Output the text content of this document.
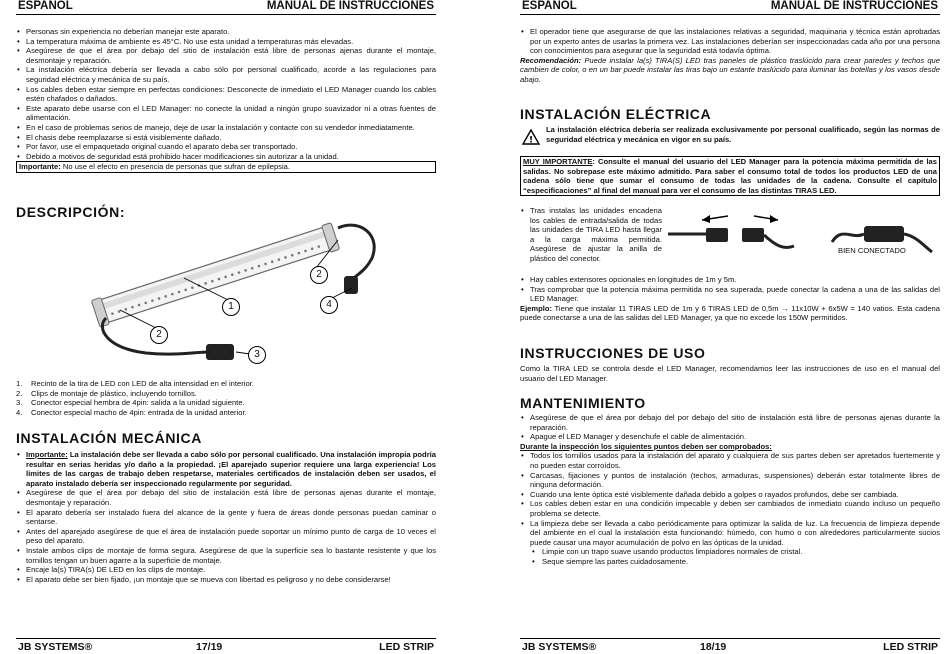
ESPAÑOL	MANUAL DE INSTRUCCIONES
• Personas sin experiencia no deberían manejar este aparato.
• La temperatura máxima de ambiente es 45°C. No use esta unidad a temperaturas más elevadas.
• Asegúrese de que el área por debajo del sitio de instalación está libre de personas ajenas durante el montaje, desmontaje y reparación.
• La instalación eléctrica debería ser llevada a cabo sólo por personal cualificado, acorde a las regulaciones para seguridad eléctrica y mecánica de su país.
• Los cables deben estar siempre en perfectas condiciones: Desconecte de inmediato el LED Manager cuando los cables estén chafados o dañados.
• Este aparato debe usarse con el LED Manager: no conecte la unidad a ningún grupo suavizador ni a otras fuentes de alimentación.
• En el caso de problemas serios de manejo, deje de usar la instalación y contacte con su vendedor inmediatamente.
• El chasis debe reemplazarse si está visiblemente dañado.
• Por favor, use el empaquetado original cuando el aparato deba ser transportado.
• Debido a motivos de seguridad está prohibido hacer modificaciones sin autorizar a la unidad.
Importante: No use el efecto en presencia de personas que sufran de epilepsia.
DESCRIPCIÓN:
1
2
2
3
4
1. Recinto de la tira de LED con LED de alta intensidad en el interior.
2. Clips de montaje de plástico, incluyendo tornillos.
3. Conector especial hembra de 4pin: salida a la unidad siguiente.
4. Conector especial macho de 4pin: entrada de la unidad anterior.
INSTALACIÓN MECÁNICA
• Importante: La instalación debe ser llevada a cabo sólo por personal cualificado. Una instalación impropia podría resultar en serias heridas y/o daño a la propiedad. ¡El aparejado superior requiere una larga experiencia! Los límites de las cargas de trabajo deben respetarse, materiales certificados de instalación deben ser usados, el aparato instalado debería ser inspeccionado regularmente por seguridad.
• Asegúrese de que el área por debajo del sitio de instalación está libre de personas ajenas durante el montaje, desmontaje y reparación.
• El aparato debería ser instalado fuera del alcance de la gente y fuera de áreas donde personas puedan caminar o sentarse.
• Antes del aparejado asegúrese de que el área de instalación puede soportar un mínimo punto de carga de 10 veces el peso del aparato.
• Instale ambos clips de montaje de forma segura. Asegúrese de que la superficie sea lo bastante resistente y que los tornillos tengan un buen agarre a la superficie de montaje.
• Encaje la(s) TIRA(s) DE LED en los clips de montaje.
• El aparato debe ser bien fijado, ¡un montaje que se mueva con libertad es peligroso y no debe considerarse!
JB SYSTEMS®	17/19	LED STRIP
ESPAÑOL	MANUAL DE INSTRUCCIONES
• El operador tiene que asegurarse de que las instalaciones relativas a seguridad, maquinaria y técnica están aprobadas por un experto antes de usarlas la primera vez. Las instalaciones deberían ser inspeccionadas cada año por una persona con conocimientos para asegurar que la seguridad está todavía óptima.

Recomendación: Puede instalar la(s) TIRA(S) LED tras paneles de plástico traslúcido para crear paredes y techos que cambien de color, o en un bar puede instalar las tiras bajo un estante traslúcido para iluminar las botellas y los vasos desde abajo.

INSTALACIÓN ELÉCTRICA
!

La instalación eléctrica debería ser realizada exclusivamente por personal cualificado, según las normas de seguridad eléctrica y mecánica en vigor en su país.

MUY IMPORTANTE: Consulte el manual del usuario del LED Manager para la potencia máxima permitida de las salidas. No sobrepase este máximo admitido. Para saber el consumo total de todos los productos LED de una cadena sólo tiene que sumar el consumo de todas las unidades de la cadena. Consulte el capítulo “especificaciones” al final del manual para ver el consumo de las distintas TIRAS LED.

• Tras instalas las unidades encadena los cables de entrada/salida de todas las unidades de TIRA LED hasta llegar a la carga máxima permitida. Asegúrese de ajustar la anilla de plástico del conector.
BIEN CONECTADO
• Hay cables extensores opcionales en longitudes de 1m y 5m.
• Tras comprobar que la potencia máxima permitida no sea superada, puede conectar la cadena a una de las salidas del LED Manager.

Ejemplo: Tiene que instalar 11 TIRAS LED de 1m y 6 TIRAS LED de 0,5m → 11x10W + 6x5W = 140 vatios. Esta cadena puede conectarse a una de las salidas del LED Manager, ya que no excede los 150W permitidos.

INSTRUCCIONES DE USO

Como la TIRA LED se controla desde el LED Manager, recomendamos leer las instrucciones de uso en el manual del usuario del LED Manager.

MANTENIMIENTO
• Asegúrese de que el área por debajo del por debajo del sitio de instalación está libre de personas ajenas durante la reparación.
• Apague el LED Manager y desenchufe el cable de alimentación.
Durante la inspección los siguientes puntos deben ser comprobados:
• Todos los tornillos usados para la instalación del aparato y cualquiera de sus partes deben ser apretados fuertemente y no pueden estar corroídos.
• Carcasas, fijaciones y puntos de instalación (techos, armaduras, suspensiones) deberán estar totalmente libres de ninguna deformación.
• Cuando una lente óptica esté visiblemente dañada debido a golpes o rayados profundos, debe ser cambiada.
• Los cables deben estar en una condición impecable y deben ser cambiados de inmediato cuando incluso un pequeño problema se detecte.
• La limpieza debe ser llevada a cabo periódicamente para optimizar la salida de luz. La frecuencia de limpieza depende del ambiente en el cual la instalación esta funcionando: húmedo, con humo o con alrededores particularmente sucios puede causar una mayor acumulación de polvo en las ópticas de la unidad.
• Limpie con un trapo suave usando productos limpiadores normales de cristal.
• Seque siempre las partes cuidadosamente.
JB SYSTEMS®	18/19	LED STRIP
